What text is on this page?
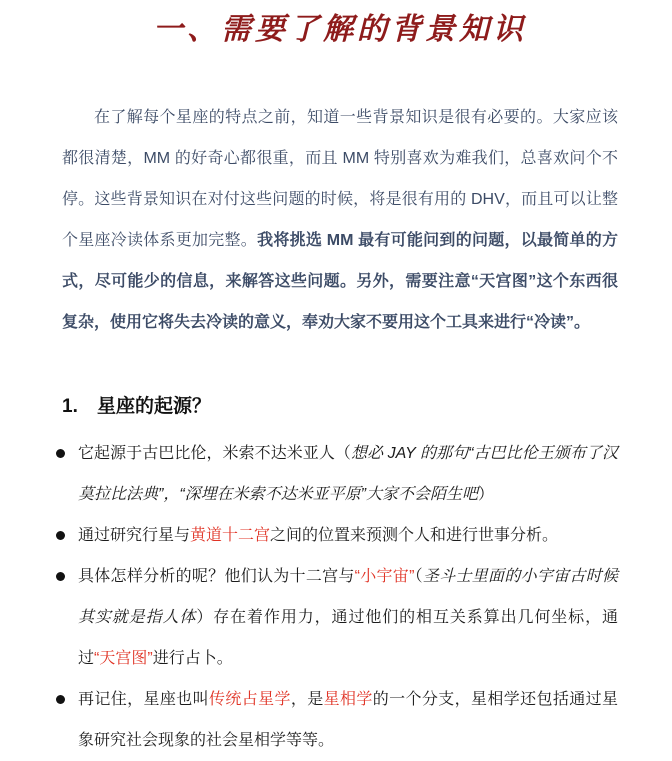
一、需要了解的背景知识

在了解每个星座的特点之前，知道一些背景知识是很有必要的。大家应该都很清楚，MM 的好奇心都很重，而且 MM 特别喜欢为难我们，总喜欢问个不停。这些背景知识在对付这些问题的时候，将是很有用的 DHV，而且可以让整个星座冷读体系更加完整。我将挑选 MM 最有可能问到的问题，以最简单的方式，尽可能少的信息，来解答这些问题。另外，需要注意“天宫图”这个东西很复杂，使用它将失去冷读的意义，奉劝大家不要用这个工具来进行“冷读”。

1. 星座的起源？
它起源于古巴比伦，米索不达米亚人（想必 JAY 的那句“古巴比伦王颁布了汉莫拉比法典”，“深埋在米索不达米亚平原”大家不会陌生吧）
通过研究行星与黄道十二宫之间的位置来预测个人和进行世事分析。
具体怎样分析的呢？他们认为十二宫与“小宇宙”（圣斗士里面的小宇宙古时候其实就是指人体）存在着作用力，通过他们的相互关系算出几何坐标，通过“天宫图”进行占卜。
再记住，星座也叫传统占星学，是星相学的一个分支，星相学还包括通过星象研究社会现象的社会星相学等等。
